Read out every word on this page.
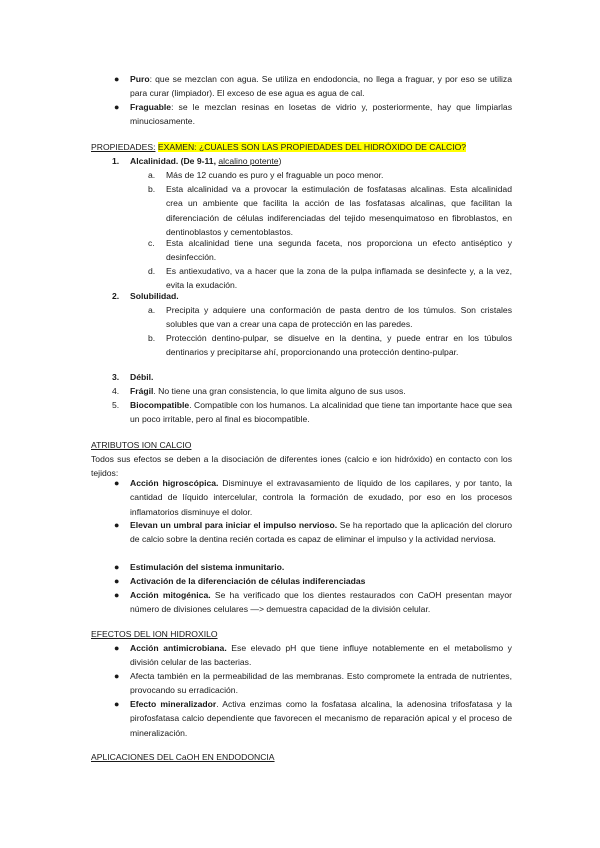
● Puro: que se mezclan con agua. Se utiliza en endodoncia, no llega a fraguar, y por eso se utiliza para curar (limpiador). El exceso de ese agua es agua de cal.
● Fraguable: se le mezclan resinas en losetas de vidrio y, posteriormente, hay que limpiarlas minuciosamente.
PROPIEDADES: EXAMEN: ¿CUALES SON LAS PROPIEDADES DEL HIDRÓXIDO DE CALCIO?
1. Alcalinidad. (De 9-11, alcalino potente)
a. Más de 12 cuando es puro y el fraguable un poco menor.
b. Esta alcalinidad va a provocar la estimulación de fosfatasas alcalinas. Esta alcalinidad crea un ambiente que facilita la acción de las fosfatasas alcalinas, que facilitan la diferenciación de células indiferenciadas del tejido mesenquimatoso en fibroblastos, en dentinoblastos y cementoblastos.
c. Esta alcalinidad tiene una segunda faceta, nos proporciona un efecto antiséptico y desinfección.
d. Es antiexudativo, va a hacer que la zona de la pulpa inflamada se desinfecte y, a la vez, evita la exudación.
2. Solubilidad.
a. Precipita y adquiere una conformación de pasta dentro de los túmulos. Son cristales solubles que van a crear una capa de protección en las paredes.
b. Protección dentino-pulpar, se disuelve en la dentina, y puede entrar en los túbulos dentinarios y precipitarse ahí, proporcionando una protección dentino-pulpar.
3. Débil.
4. Frágil. No tiene una gran consistencia, lo que limita alguno de sus usos.
5. Biocompatible. Compatible con los humanos. La alcalinidad que tiene tan importante hace que sea un poco irritable, pero al final es biocompatible.
ATRIBUTOS ION CALCIO
Todos sus efectos se deben a la disociación de diferentes iones (calcio e ion hidróxido) en contacto con los tejidos:
● Acción higroscópica. Disminuye el extravasamiento de líquido de los capilares, y por tanto, la cantidad de líquido intercelular, controla la formación de exudado, por eso en los procesos inflamatorios disminuye el dolor.
● Elevan un umbral para iniciar el impulso nervioso. Se ha reportado que la aplicación del cloruro de calcio sobre la dentina recién cortada es capaz de eliminar el impulso y la actividad nerviosa.
● Estimulación del sistema inmunitario.
● Activación de la diferenciación de células indiferenciadas
● Acción mitogénica. Se ha verificado que los dientes restaurados con CaOH presentan mayor número de divisiones celulares —> demuestra capacidad de la división celular.
EFECTOS DEL ION HIDROXILO
● Acción antimicrobiana. Ese elevado pH que tiene influye notablemente en el metabolismo y división celular de las bacterias.
● Afecta también en la permeabilidad de las membranas. Esto compromete la entrada de nutrientes, provocando su erradicación.
● Efecto mineralizador. Activa enzimas como la fosfatasa alcalina, la adenosina trifosfatasa y la pirofosfatasa calcio dependiente que favorecen el mecanismo de reparación apical y el proceso de mineralización.
APLICACIONES DEL CaOH EN ENDODONCIA
